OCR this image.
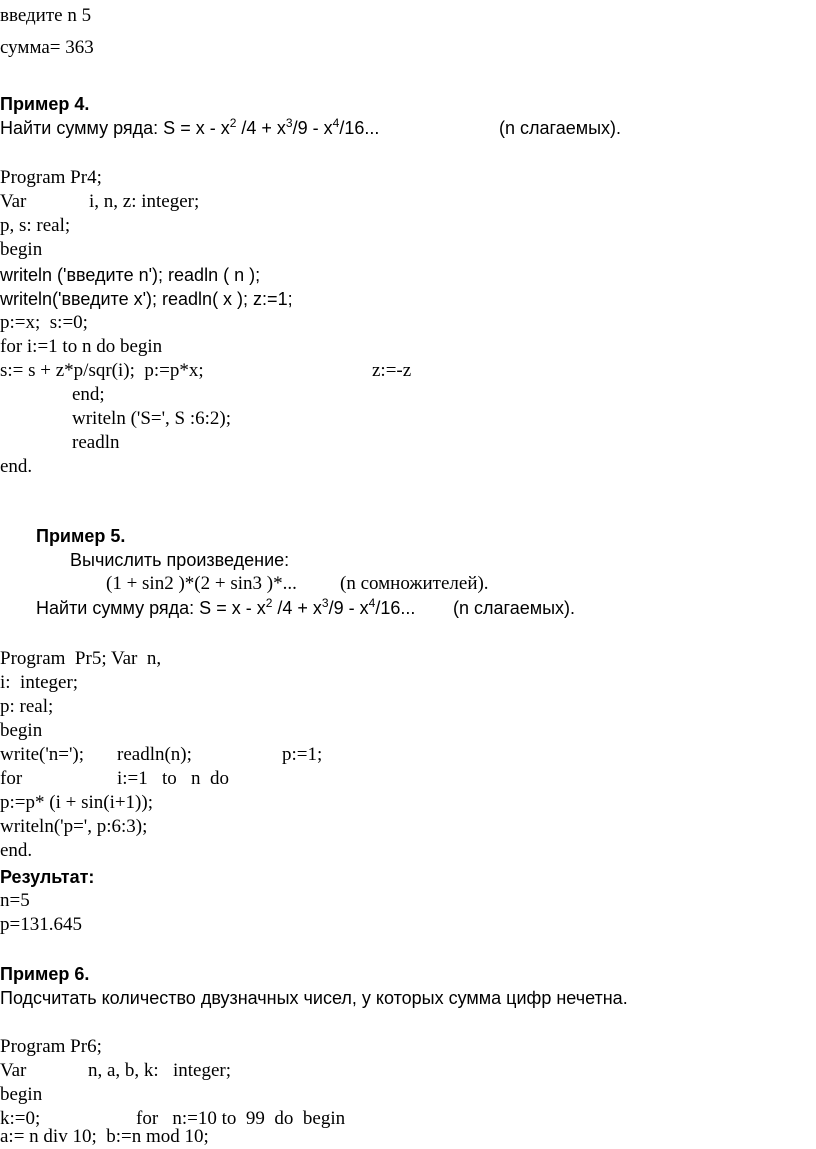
введите n 5
сумма= 363
Пример 4.
Найти сумму ряда: $S = x - x^2$ $/4 + x^3/9 - x^4/16$...	(n слагаемых).
Program Pr4;
Var	i, n, z: integer;
p, s: real;
begin
writeln ('введите n'); readln ( n );
writeln('введите x'); readln( x ); z:=1;
p:=x;  s:=0;
for i:=1 to n do begin
s:= s + z*p/sqr(i);  p:=p*x;	z:=-z
end;
writeln ('S=', S :6:2);
readln
end.
Пример 5.
Вычислить произведение:
(1 + sin2 )*(2 + sin3 )*... (n сомножителей).
Найти сумму ряда: $S = x - x^2$ $/4 + x^3/9 - x^4/16$... (n слагаемых).
Program  Pr5; Var  n,
i:  integer;
p: real;
begin
write('n='); readln(n);	p:=1;
for	i:=1   to   n  do
p:=p* (i + sin(i+1));
writeln('p=', p:6:3);
end.
Результат:
n=5
p=131.645
Пример 6.
Подсчитать количество двузначных чисел, у которых сумма цифр нечетна.
Program Pr6;
Var	n, a, b, k:   integer;
begin
k:=0;	for   n:=10 to  99  do  begin
a:= n div 10;  b:=n mod 10;
